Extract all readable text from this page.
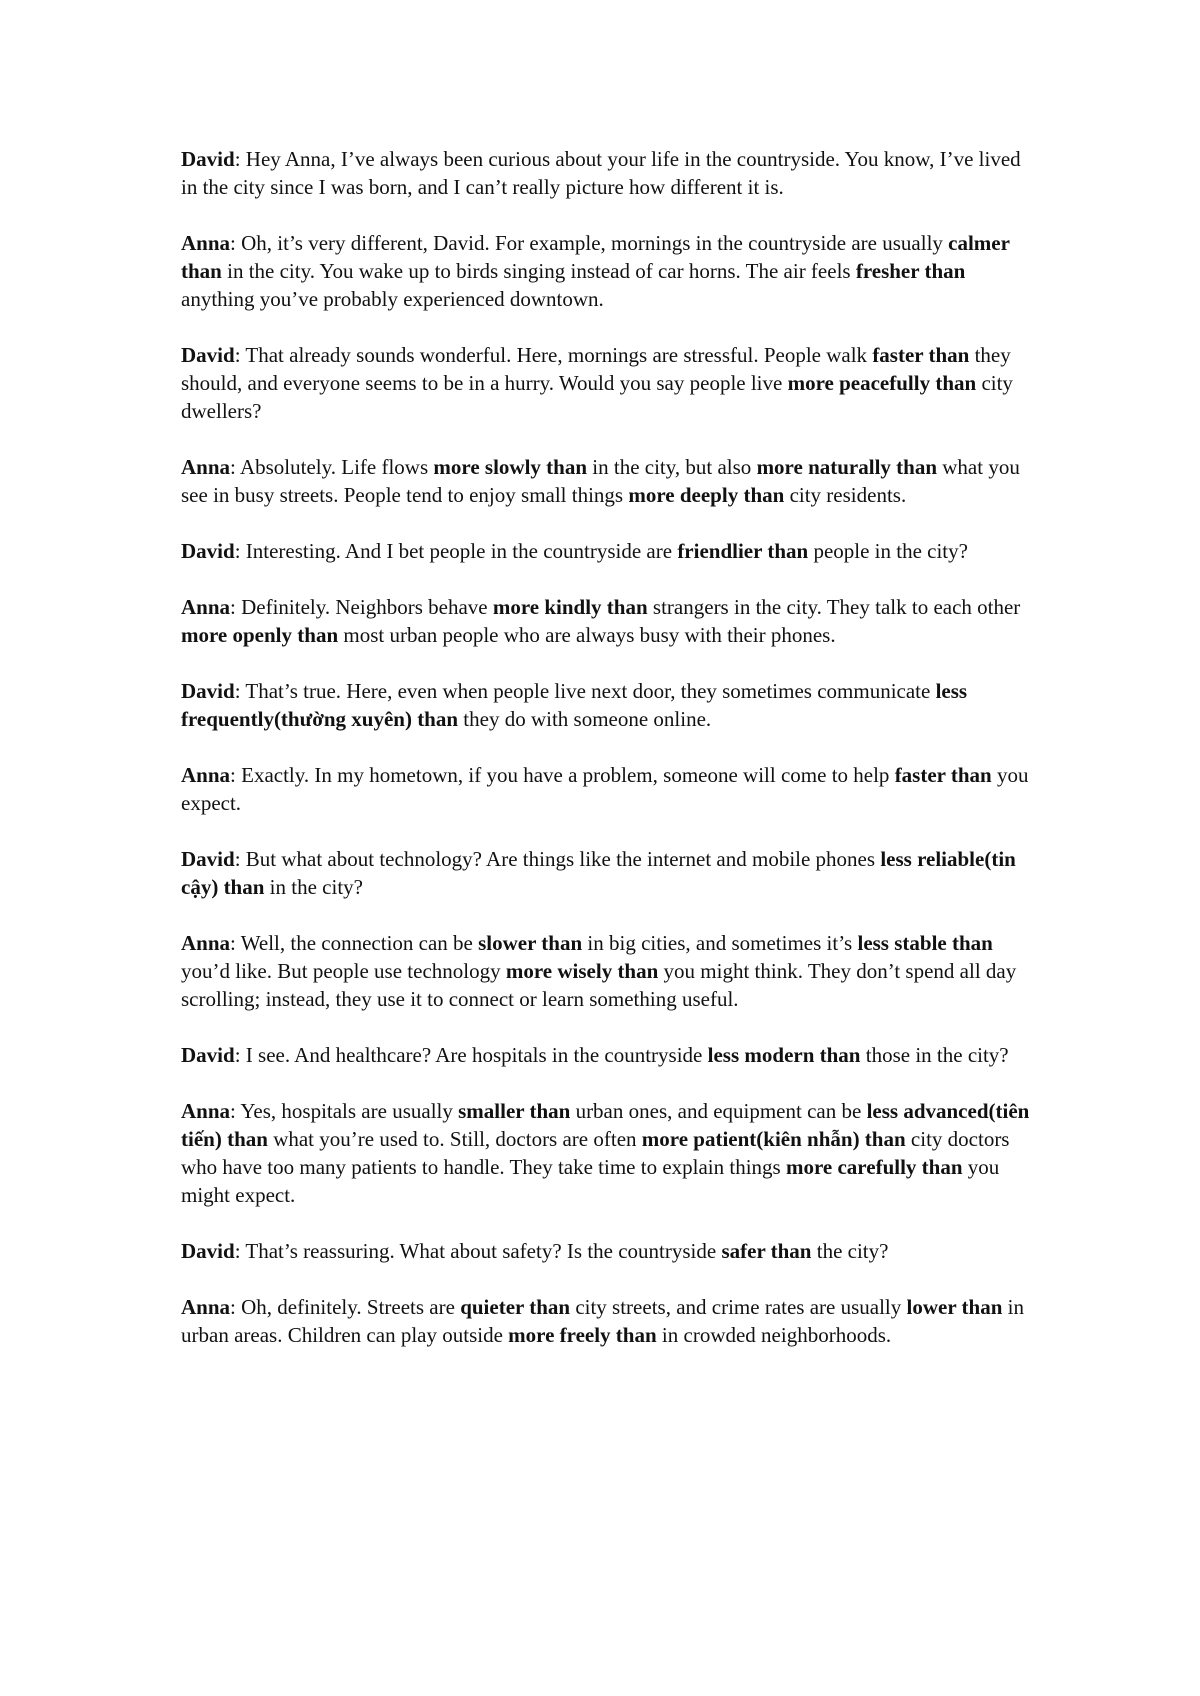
David: Hey Anna, I’ve always been curious about your life in the countryside. You know, I’ve lived in the city since I was born, and I can’t really picture how different it is.

Anna: Oh, it’s very different, David. For example, mornings in the countryside are usually calmer than in the city. You wake up to birds singing instead of car horns. The air feels fresher than anything you’ve probably experienced downtown.

David: That already sounds wonderful. Here, mornings are stressful. People walk faster than they should, and everyone seems to be in a hurry. Would you say people live more peacefully than city dwellers?

Anna: Absolutely. Life flows more slowly than in the city, but also more naturally than what you see in busy streets. People tend to enjoy small things more deeply than city residents.

David: Interesting. And I bet people in the countryside are friendlier than people in the city?

Anna: Definitely. Neighbors behave more kindly than strangers in the city. They talk to each other more openly than most urban people who are always busy with their phones.

David: That’s true. Here, even when people live next door, they sometimes communicate less frequently(thường xuyên) than they do with someone online.

Anna: Exactly. In my hometown, if you have a problem, someone will come to help faster than you expect.

David: But what about technology? Are things like the internet and mobile phones less reliable(tin cậy) than in the city?

Anna: Well, the connection can be slower than in big cities, and sometimes it’s less stable than you’d like. But people use technology more wisely than you might think. They don’t spend all day scrolling; instead, they use it to connect or learn something useful.

David: I see. And healthcare? Are hospitals in the countryside less modern than those in the city?

Anna: Yes, hospitals are usually smaller than urban ones, and equipment can be less advanced(tiên tiến) than what you’re used to. Still, doctors are often more patient(kiên nhẫn) than city doctors who have too many patients to handle. They take time to explain things more carefully than you might expect.

David: That’s reassuring. What about safety? Is the countryside safer than the city?

Anna: Oh, definitely. Streets are quieter than city streets, and crime rates are usually lower than in urban areas. Children can play outside more freely than in crowded neighborhoods.
